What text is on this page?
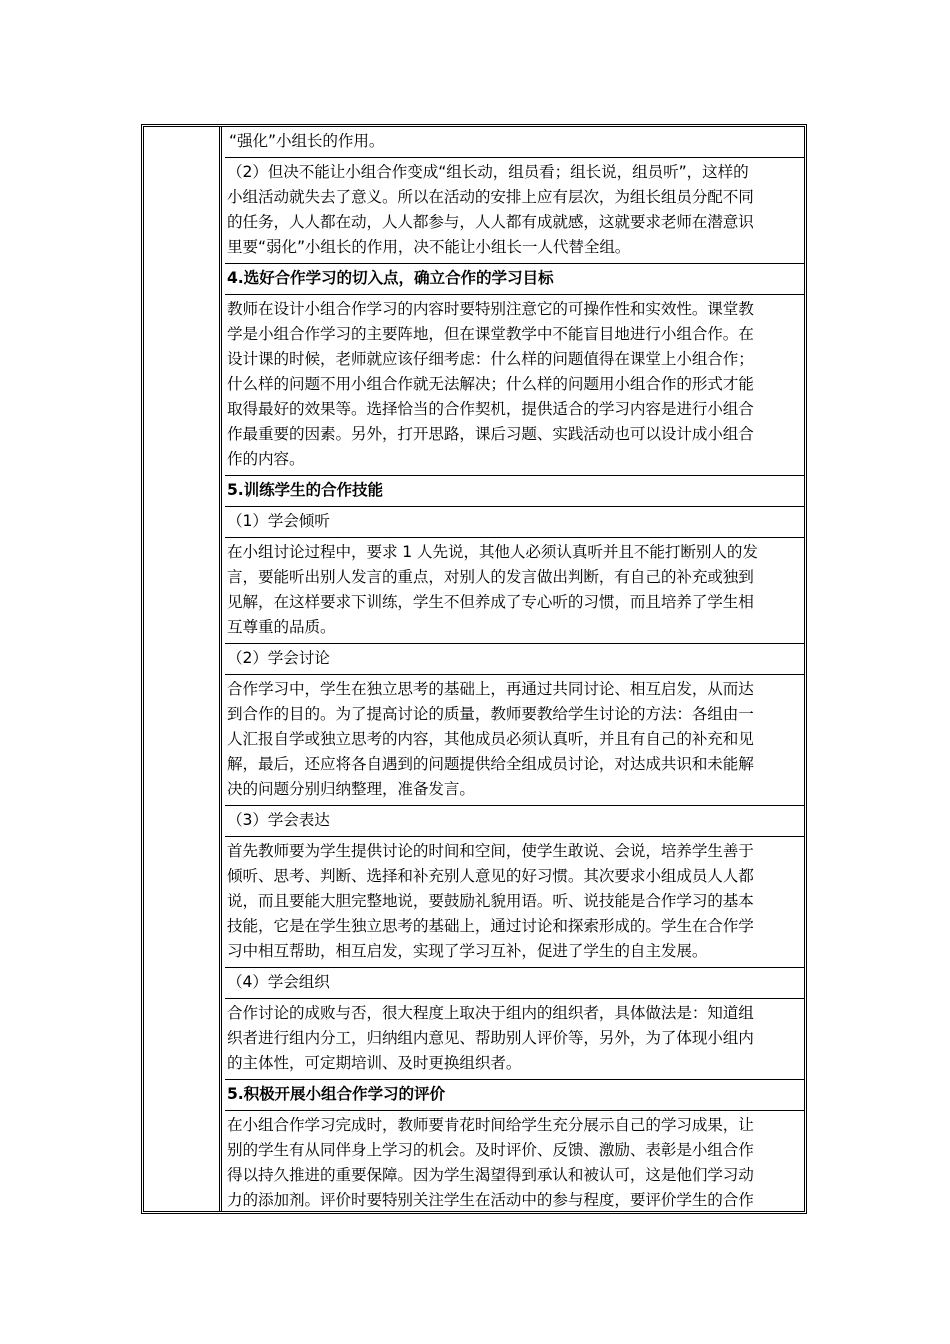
“强化”小组长的作用。

（2）但决不能让小组合作变成“组长动，组员看；组长说，组员听”，这样的

小组活动就失去了意义。所以在活动的安排上应有层次，为组长组员分配不同

的任务，人人都在动，人人都参与，人人都有成就感，这就要求老师在潜意识

里要“弱化”小组长的作用，决不能让小组长一人代替全组。

4.选好合作学习的切入点，确立合作的学习目标

教师在设计小组合作学习的内容时要特别注意它的可操作性和实效性。课堂教

学是小组合作学习的主要阵地，但在课堂教学中不能盲目地进行小组合作。在

设计课的时候，老师就应该仔细考虑：什么样的问题值得在课堂上小组合作；

什么样的问题不用小组合作就无法解决；什么样的问题用小组合作的形式才能

取得最好的效果等。选择恰当的合作契机，提供适合的学习内容是进行小组合

作最重要的因素。另外，打开思路，课后习题、实践活动也可以设计成小组合

作的内容。

5.训练学生的合作技能

（1）学会倾听

在小组讨论过程中，要求 1 人先说，其他人必须认真听并且不能打断别人的发

言，要能听出别人发言的重点，对别人的发言做出判断，有自己的补充或独到

见解，在这样要求下训练，学生不但养成了专心听的习惯，而且培养了学生相

互尊重的品质。

（2）学会讨论

合作学习中，学生在独立思考的基础上，再通过共同讨论、相互启发，从而达

到合作的目的。为了提高讨论的质量，教师要教给学生讨论的方法：各组由一

人汇报自学或独立思考的内容，其他成员必须认真听，并且有自己的补充和见

解，最后，还应将各自遇到的问题提供给全组成员讨论，对达成共识和未能解

决的问题分别归纳整理，准备发言。

（3）学会表达

首先教师要为学生提供讨论的时间和空间，使学生敢说、会说，培养学生善于

倾听、思考、判断、选择和补充别人意见的好习惯。其次要求小组成员人人都

说，而且要能大胆完整地说，要鼓励礼貌用语。听、说技能是合作学习的基本

技能，它是在学生独立思考的基础上，通过讨论和探索形成的。学生在合作学

习中相互帮助，相互启发，实现了学习互补，促进了学生的自主发展。

（4）学会组织

合作讨论的成败与否，很大程度上取决于组内的组织者，具体做法是：知道组

织者进行组内分工，归纳组内意见、帮助别人评价等，另外，为了体现小组内

的主体性，可定期培训、及时更换组织者。

5.积极开展小组合作学习的评价

在小组合作学习完成时，教师要肯花时间给学生充分展示自己的学习成果，让

别的学生有从同伴身上学习的机会。及时评价、反馈、激励、表彰是小组合作

得以持久推进的重要保障。因为学生渴望得到承认和被认可，这是他们学习动

力的添加剂。评价时要特别关注学生在活动中的参与程度，要评价学生的合作
